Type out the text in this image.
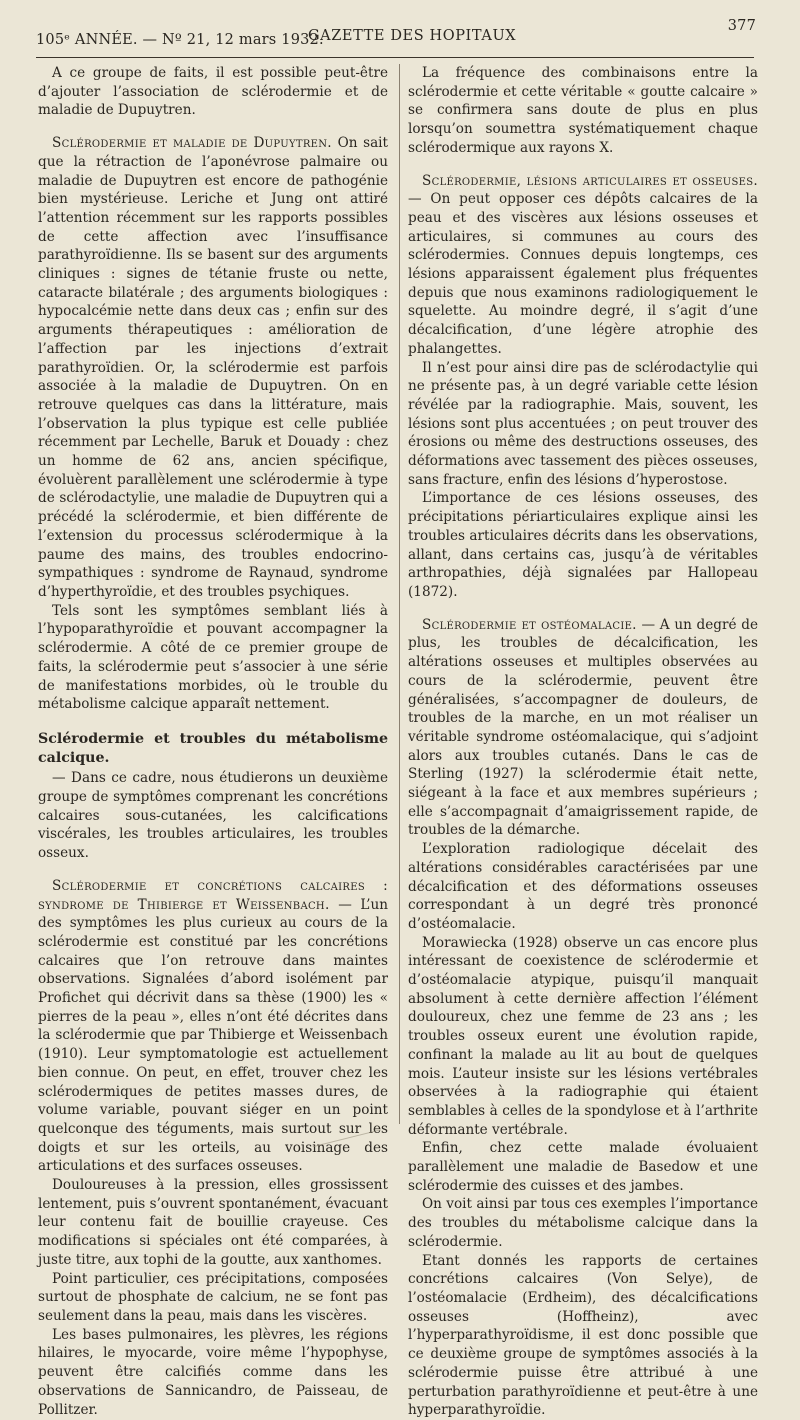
105ᵉ ANNÉE. — Nº 21, 12 mars 1932.
GAZETTE DES HOPITAUX
377

A ce groupe de faits, il est possible peut-être d’ajouter l’association de sclérodermie et de maladie de Dupuytren.

Sclérodermie et maladie de Dupuytren. On sait que la rétraction de l’aponévrose palmaire ou maladie de Dupuytren est encore de pathogénie bien mystérieuse. Leriche et Jung ont attiré l’attention récemment sur les rapports possibles de cette affection avec l’insuffisance parathyroïdienne. Ils se basent sur des arguments cliniques : signes de tétanie fruste ou nette, cataracte bilatérale ; des arguments biologiques : hypocalcémie nette dans deux cas ; enfin sur des arguments thérapeutiques : amélioration de l’affection par les injections d’extrait parathyroïdien. Or, la sclérodermie est parfois associée à la maladie de Dupuytren. On en retrouve quelques cas dans la littérature, mais l’observation la plus typique est celle publiée récemment par Lechelle, Baruk et Douady : chez un homme de 62 ans, ancien spécifique, évoluèrent parallèlement une sclérodermie à type de sclérodactylie, une maladie de Dupuytren qui a précédé la sclérodermie, et bien différente de l’extension du processus sclérodermique à la paume des mains, des troubles endocrino-sympathiques : syndrome de Raynaud, syndrome d’hyperthyroïdie, et des troubles psychiques.

Tels sont les symptômes semblant liés à l’hypoparathyroïdie et pouvant accompagner la sclérodermie. A côté de ce premier groupe de faits, la sclérodermie peut s’associer à une série de manifestations morbides, où le trouble du métabolisme calcique apparaît nettement.

Sclérodermie et troubles du métabolisme calcique.

— Dans ce cadre, nous étudierons un deuxième groupe de symptômes comprenant les concrétions calcaires sous-cutanées, les calcifications viscérales, les troubles articulaires, les troubles osseux.

Sclérodermie et concrétions calcaires : syndrome de Thibierge et Weissenbach. — L’un des symptômes les plus curieux au cours de la sclérodermie est constitué par les concrétions calcaires que l’on retrouve dans maintes observations. Signalées d’abord isolément par Profichet qui décrivit dans sa thèse (1900) les « pierres de la peau », elles n’ont été décrites dans la sclérodermie que par Thibierge et Weissenbach (1910). Leur symptomatologie est actuellement bien connue. On peut, en effet, trouver chez les sclérodermiques de petites masses dures, de volume variable, pouvant siéger en un point quelconque des téguments, mais surtout sur les doigts et sur les orteils, au voisinage des articulations et des surfaces osseuses.

Douloureuses à la pression, elles grossissent lentement, puis s’ouvrent spontanément, évacuant leur contenu fait de bouillie crayeuse. Ces modifications si spéciales ont été comparées, à juste titre, aux tophi de la goutte, aux xanthomes.

Point particulier, ces précipitations, composées surtout de phosphate de calcium, ne se font pas seulement dans la peau, mais dans les viscères.

Les bases pulmonaires, les plèvres, les régions hilaires, le myocarde, voire même l’hypophyse, peuvent être calcifiés comme dans les observations de Sannicandro, de Paisseau, de Pollitzer.

La fréquence des combinaisons entre la sclérodermie et cette véritable « goutte calcaire » se confirmera sans doute de plus en plus lorsqu’on soumettra systématiquement chaque sclérodermique aux rayons X.

Sclérodermie, lésions articulaires et osseuses. — On peut opposer ces dépôts calcaires de la peau et des viscères aux lésions osseuses et articulaires, si communes au cours des sclérodermies. Connues depuis longtemps, ces lésions apparaissent également plus fréquentes depuis que nous examinons radiologiquement le squelette. Au moindre degré, il s’agit d’une décalcification, d’une légère atrophie des phalangettes.

Il n’est pour ainsi dire pas de sclérodactylie qui ne présente pas, à un degré variable cette lésion révélée par la radiographie. Mais, souvent, les lésions sont plus accentuées ; on peut trouver des érosions ou même des destructions osseuses, des déformations avec tassement des pièces osseuses, sans fracture, enfin des lésions d’hyperostose.

L’importance de ces lésions osseuses, des précipitations périarticulaires explique ainsi les troubles articulaires décrits dans les observations, allant, dans certains cas, jusqu’à de véritables arthropathies, déjà signalées par Hallopeau (1872).

Sclérodermie et ostéomalacie. — A un degré de plus, les troubles de décalcification, les altérations osseuses et multiples observées au cours de la sclérodermie, peuvent être généralisées, s’accompagner de douleurs, de troubles de la marche, en un mot réaliser un véritable syndrome ostéomalacique, qui s’adjoint alors aux troubles cutanés. Dans le cas de Sterling (1927) la sclérodermie était nette, siégeant à la face et aux membres supérieurs ; elle s’accompagnait d’amaigrissement rapide, de troubles de la démarche.

L’exploration radiologique décelait des altérations considérables caractérisées par une décalcification et des déformations osseuses correspondant à un degré très prononcé d’ostéomalacie.

Morawiecka (1928) observe un cas encore plus intéressant de coexistence de sclérodermie et d’ostéomalacie atypique, puisqu’il manquait absolument à cette dernière affection l’élément douloureux, chez une femme de 23 ans ; les troubles osseux eurent une évolution rapide, confinant la malade au lit au bout de quelques mois. L’auteur insiste sur les lésions vertébrales observées à la radiographie qui étaient semblables à celles de la spondylose et à l’arthrite déformante vertébrale.

Enfin, chez cette malade évoluaient parallèlement une maladie de Basedow et une sclérodermie des cuisses et des jambes.

On voit ainsi par tous ces exemples l’importance des troubles du métabolisme calcique dans la sclérodermie.

Etant donnés les rapports de certaines concrétions calcaires (Von Selye), de l’ostéomalacie (Erdheim), des décalcifications osseuses (Hoffheinz), avec l’hyperparathyroïdisme, il est donc possible que ce deuxième groupe de symptômes associés à la sclérodermie puisse être attribué à une perturbation parathyroïdienne et peut-être à une hyperparathyroïdie.
